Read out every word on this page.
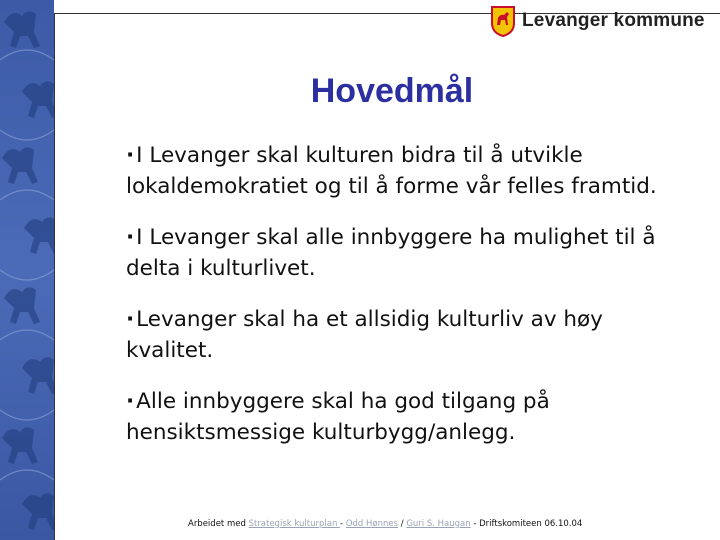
Levanger kommune
Hovedmål
·I Levanger skal kulturen bidra til å utvikle lokaldemokratiet og til å forme vår felles framtid.
·I Levanger skal alle innbyggere ha mulighet til å delta i kulturlivet.
·Levanger skal ha et allsidig kulturliv av høy kvalitet.
·Alle innbyggere skal ha god tilgang på hensiktsmessige kulturbygg/anlegg.
Arbeidet med Strategisk kulturplan - Odd Hønnes / Guri S. Haugan - Driftskomiteen 06.10.04
